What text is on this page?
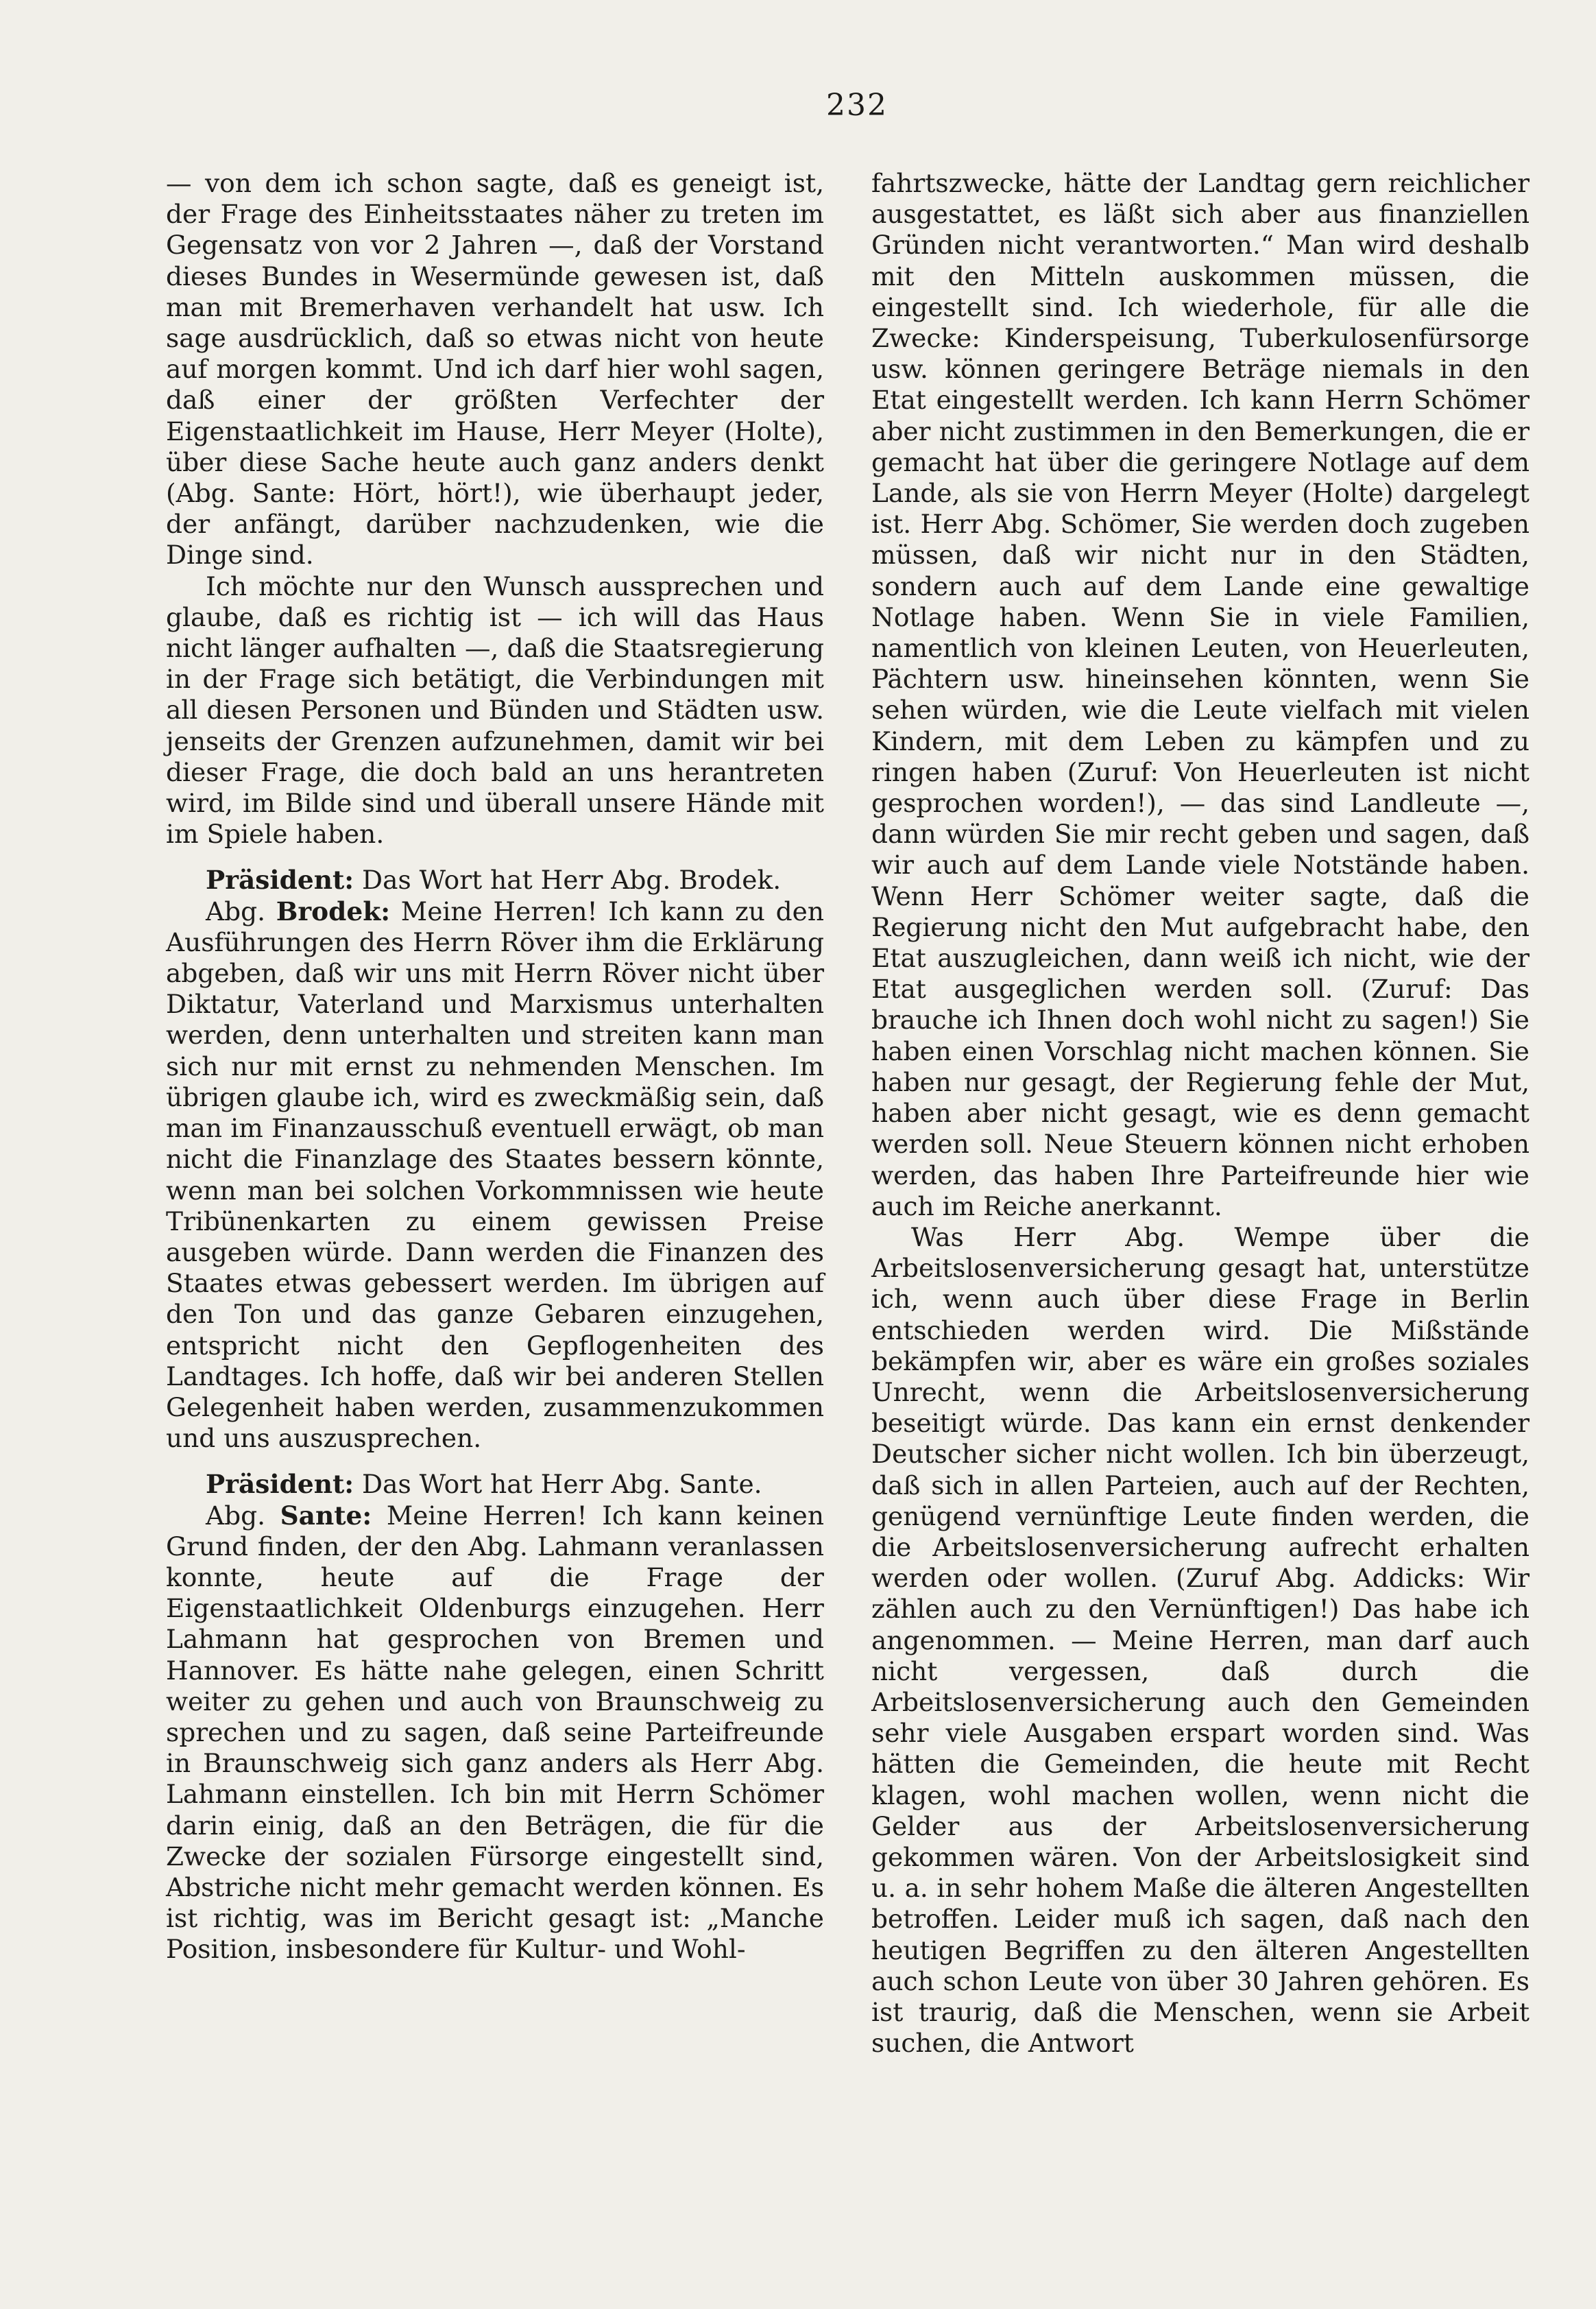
232

— von dem ich schon sagte, daß es geneigt ist, der Frage des Einheitsstaates näher zu treten im Gegensatz von vor 2 Jahren —, daß der Vorstand dieses Bundes in Wesermünde gewesen ist, daß man mit Bremerhaven verhandelt hat usw. Ich sage ausdrücklich, daß so etwas nicht von heute auf morgen kommt. Und ich darf hier wohl sagen, daß einer der größten Verfechter der Eigenstaatlichkeit im Hause, Herr Meyer (Holte), über diese Sache heute auch ganz anders denkt (Abg. Sante: Hört, hört!), wie überhaupt jeder, der anfängt, darüber nachzudenken, wie die Dinge sind.

Ich möchte nur den Wunsch aussprechen und glaube, daß es richtig ist — ich will das Haus nicht länger aufhalten —, daß die Staatsregierung in der Frage sich betätigt, die Verbindungen mit all diesen Personen und Bünden und Städten usw. jenseits der Grenzen aufzunehmen, damit wir bei dieser Frage, die doch bald an uns herantreten wird, im Bilde sind und überall unsere Hände mit im Spiele haben.

Präsident: Das Wort hat Herr Abg. Brodek.

Abg. Brodek: Meine Herren! Ich kann zu den Ausführungen des Herrn Röver ihm die Erklärung abgeben, daß wir uns mit Herrn Röver nicht über Diktatur, Vaterland und Marxismus unterhalten werden, denn unterhalten und streiten kann man sich nur mit ernst zu nehmenden Menschen. Im übrigen glaube ich, wird es zweckmäßig sein, daß man im Finanzausschuß eventuell erwägt, ob man nicht die Finanzlage des Staates bessern könnte, wenn man bei solchen Vorkommnissen wie heute Tribünenkarten zu einem gewissen Preise ausgeben würde. Dann werden die Finanzen des Staates etwas gebessert werden. Im übrigen auf den Ton und das ganze Gebaren einzugehen, entspricht nicht den Gepflogenheiten des Landtages. Ich hoffe, daß wir bei anderen Stellen Gelegenheit haben werden, zusammenzukommen und uns auszusprechen.

Präsident: Das Wort hat Herr Abg. Sante.

Abg. Sante: Meine Herren! Ich kann keinen Grund finden, der den Abg. Lahmann veranlassen konnte, heute auf die Frage der Eigenstaatlichkeit Oldenburgs einzugehen. Herr Lahmann hat gesprochen von Bremen und Hannover. Es hätte nahe gelegen, einen Schritt weiter zu gehen und auch von Braunschweig zu sprechen und zu sagen, daß seine Parteifreunde in Braunschweig sich ganz anders als Herr Abg. Lahmann einstellen. Ich bin mit Herrn Schömer darin einig, daß an den Beträgen, die für die Zwecke der sozialen Fürsorge eingestellt sind, Abstriche nicht mehr gemacht werden können. Es ist richtig, was im Bericht gesagt ist: „Manche Position, insbesondere für Kultur- und Wohl-

fahrtszwecke, hätte der Landtag gern reichlicher ausgestattet, es läßt sich aber aus finanziellen Gründen nicht verantworten.“ Man wird deshalb mit den Mitteln auskommen müssen, die eingestellt sind. Ich wiederhole, für alle die Zwecke: Kinderspeisung, Tuberkulosenfürsorge usw. können geringere Beträge niemals in den Etat eingestellt werden. Ich kann Herrn Schömer aber nicht zustimmen in den Bemerkungen, die er gemacht hat über die geringere Notlage auf dem Lande, als sie von Herrn Meyer (Holte) dargelegt ist. Herr Abg. Schömer, Sie werden doch zugeben müssen, daß wir nicht nur in den Städten, sondern auch auf dem Lande eine gewaltige Notlage haben. Wenn Sie in viele Familien, namentlich von kleinen Leuten, von Heuerleuten, Pächtern usw. hineinsehen könnten, wenn Sie sehen würden, wie die Leute vielfach mit vielen Kindern, mit dem Leben zu kämpfen und zu ringen haben (Zuruf: Von Heuerleuten ist nicht gesprochen worden!), — das sind Landleute —, dann würden Sie mir recht geben und sagen, daß wir auch auf dem Lande viele Notstände haben. Wenn Herr Schömer weiter sagte, daß die Regierung nicht den Mut aufgebracht habe, den Etat auszugleichen, dann weiß ich nicht, wie der Etat ausgeglichen werden soll. (Zuruf: Das brauche ich Ihnen doch wohl nicht zu sagen!) Sie haben einen Vorschlag nicht machen können. Sie haben nur gesagt, der Regierung fehle der Mut, haben aber nicht gesagt, wie es denn gemacht werden soll. Neue Steuern können nicht erhoben werden, das haben Ihre Parteifreunde hier wie auch im Reiche anerkannt.

Was Herr Abg. Wempe über die Arbeitslosenversicherung gesagt hat, unterstütze ich, wenn auch über diese Frage in Berlin entschieden werden wird. Die Mißstände bekämpfen wir, aber es wäre ein großes soziales Unrecht, wenn die Arbeitslosenversicherung beseitigt würde. Das kann ein ernst denkender Deutscher sicher nicht wollen. Ich bin überzeugt, daß sich in allen Parteien, auch auf der Rechten, genügend vernünftige Leute finden werden, die die Arbeitslosenversicherung aufrecht erhalten werden oder wollen. (Zuruf Abg. Addicks: Wir zählen auch zu den Vernünftigen!) Das habe ich angenommen. — Meine Herren, man darf auch nicht vergessen, daß durch die Arbeitslosenversicherung auch den Gemeinden sehr viele Ausgaben erspart worden sind. Was hätten die Gemeinden, die heute mit Recht klagen, wohl machen wollen, wenn nicht die Gelder aus der Arbeitslosenversicherung gekommen wären. Von der Arbeitslosigkeit sind u. a. in sehr hohem Maße die älteren Angestellten betroffen. Leider muß ich sagen, daß nach den heutigen Begriffen zu den älteren Angestellten auch schon Leute von über 30 Jahren gehören. Es ist traurig, daß die Menschen, wenn sie Arbeit suchen, die Antwort
